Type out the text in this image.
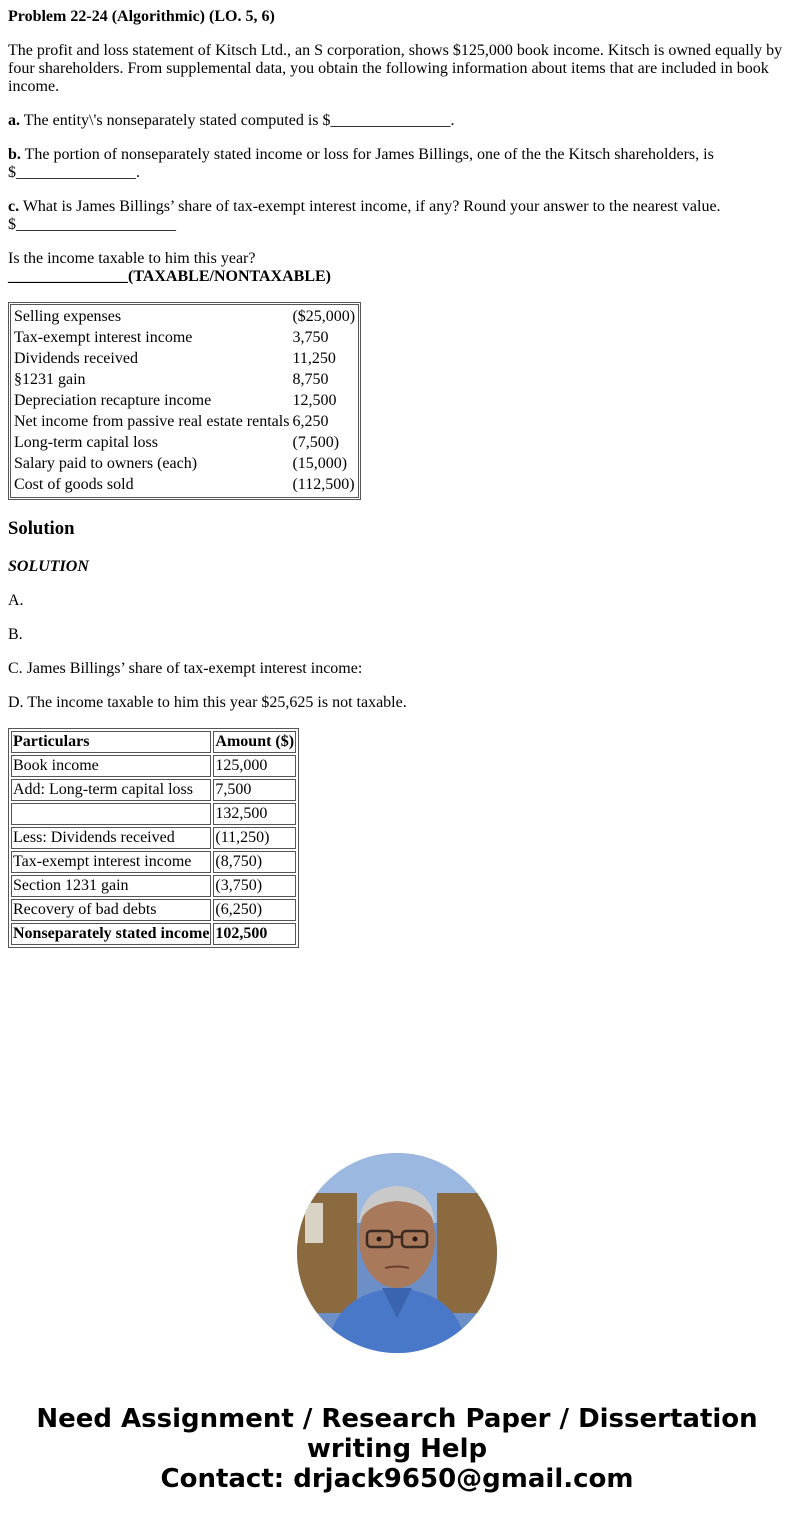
Problem 22-24 (Algorithmic) (LO. 5, 6)

The profit and loss statement of Kitsch Ltd., an S corporation, shows $125,000 book income. Kitsch is owned equally by four shareholders. From supplemental data, you obtain the following information about items that are included in book income.

a. The entity\'s nonseparately stated computed is $_______________.

b. The portion of nonseparately stated income or loss for James Billings, one of the the Kitsch shareholders, is $_______________.

c. What is James Billings’ share of tax-exempt interest income, if any? Round your answer to the nearest value.
$____________________

Is the income taxable to him this year?
_______________(TAXABLE/NONTAXABLE)

Selling expenses	($25,000)
Tax-exempt interest income	3,750
Dividends received	11,250
§1231 gain	8,750
Depreciation recapture income	12,500
Net income from passive real estate rentals	6,250
Long-term capital loss	(7,500)
Salary paid to owners (each)	(15,000)
Cost of goods sold	(112,500)
Solution

SOLUTION

A.

B.

C. James Billings’ share of tax-exempt interest income:

D. The income taxable to him this year $25,625 is not taxable.

Particulars	Amount ($)
Book income	125,000
Add: Long-term capital loss	7,500
	132,500
Less: Dividends received	(11,250)
Tax-exempt interest income	(8,750)
Section 1231 gain	(3,750)
Recovery of bad debts	(6,250)
Nonseparately stated income	102,500
Need Assignment / Research Paper / Dissertation
writing Help
Contact: drjack9650@gmail.com
